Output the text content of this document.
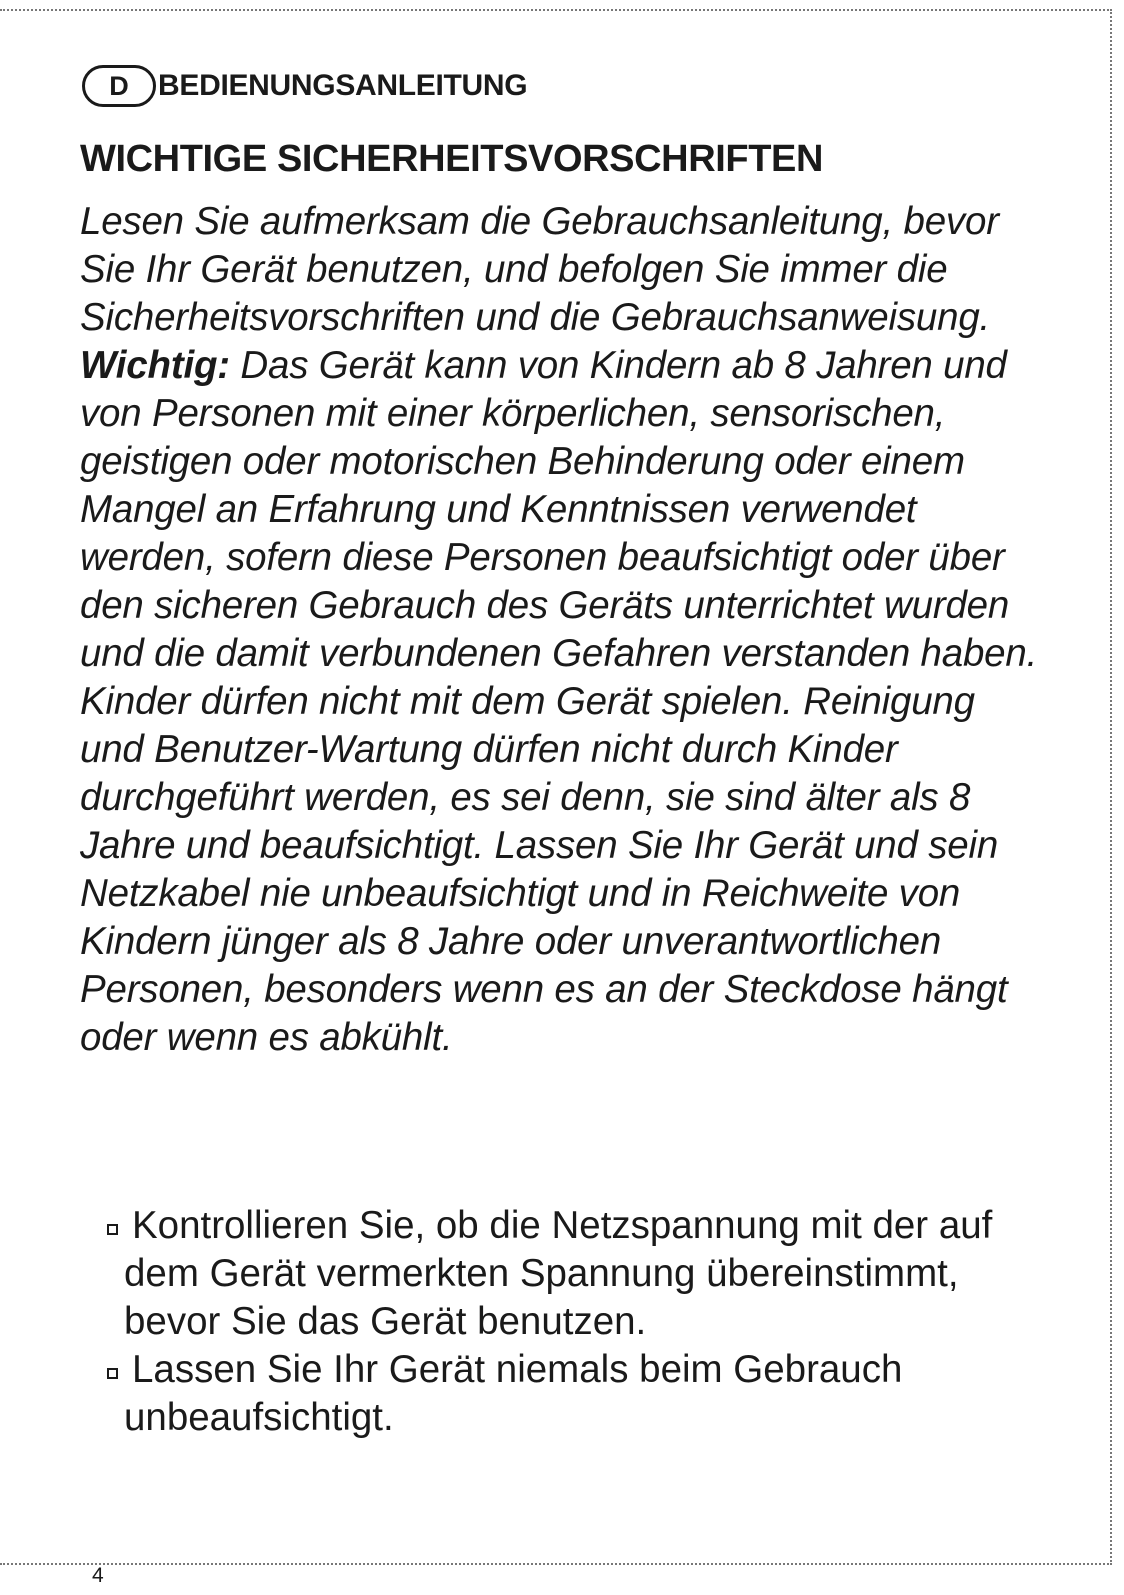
D BEDIENUNGSANLEITUNG
WICHTIGE SICHERHEITSVORSCHRIFTEN

Lesen Sie aufmerksam die Gebrauchsanleitung, bevor Sie Ihr Gerät benutzen, und befolgen Sie immer die Sicherheitsvorschriften und die Gebrauchsanweisung.
Wichtig: Das Gerät kann von Kindern ab 8 Jahren und von Personen mit einer körperlichen, sensorischen, geistigen oder motorischen Behinderung oder einem Mangel an Erfahrung und Kenntnissen verwendet werden, sofern diese Personen beaufsichtigt oder über den sicheren Gebrauch des Geräts unterrichtet wurden und die damit verbundenen Gefahren verstanden haben. Kinder dürfen nicht mit dem Gerät spielen. Reinigung und Benutzer-Wartung dürfen nicht durch Kinder durchgeführt werden, es sei denn, sie sind älter als 8 Jahre und beaufsichtigt. Lassen Sie Ihr Gerät und sein Netzkabel nie unbeaufsichtigt und in Reichweite von Kindern jünger als 8 Jahre oder unverantwortlichen Personen, besonders wenn es an der Steckdose hängt oder wenn es abkühlt.

Kontrollieren Sie, ob die Netzspannung mit der auf dem Gerät vermerkten Spannung übereinstimmt, bevor Sie das Gerät benutzen.
Lassen Sie Ihr Gerät niemals beim Gebrauch unbeaufsichtigt.
4
